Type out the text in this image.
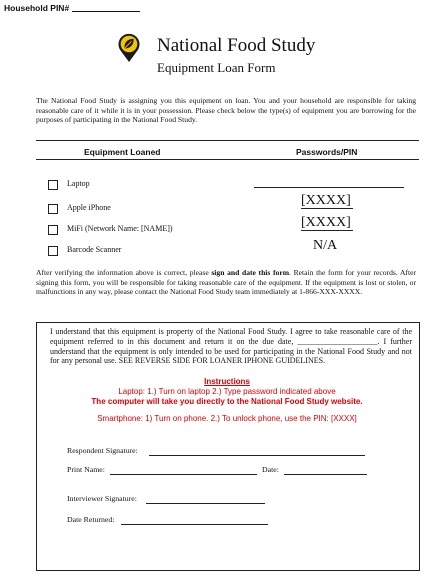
Household PIN#
National Food Study
Equipment Loan Form
The National Food Study is assigning you this equipment on loan. You and your household are responsible for taking reasonable care of it while it is in your possession. Please check below the type(s) of equipment you are borrowing for the purposes of participating in the National Food Study.
Equipment Loaned	Passwords/PIN
Laptop
Apple iPhone	[XXXX]
MiFi (Network Name: [NAME])	[XXXX]
Barcode Scanner	N/A
After verifying the information above is correct, please sign and date this form. Retain the form for your records. After signing this form, you will be responsible for taking reasonable care of the equipment. If the equipment is lost or stolen, or malfunctions in any way, please contact the National Food Study team immediately at 1-866-XXX-XXXX.
I understand that this equipment is property of the National Food Study. I agree to take reasonable care of the equipment referred to in this document and return it on the due date, ____________________. I further understand that the equipment is only intended to be used for participating in the National Food Study and not for any personal use. SEE REVERSE SIDE FOR LOANER IPHONE GUIDELINES.
Instructions
Laptop: 1.) Turn on laptop 2.) Type password indicated above
The computer will take you directly to the National Food Study website.
Smartphone: 1) Turn on phone. 2.) To unlock phone, use the PIN: [XXXX]
Respondent Signature:
Print Name:	Date:
Interviewer Signature:
Date Returned:
